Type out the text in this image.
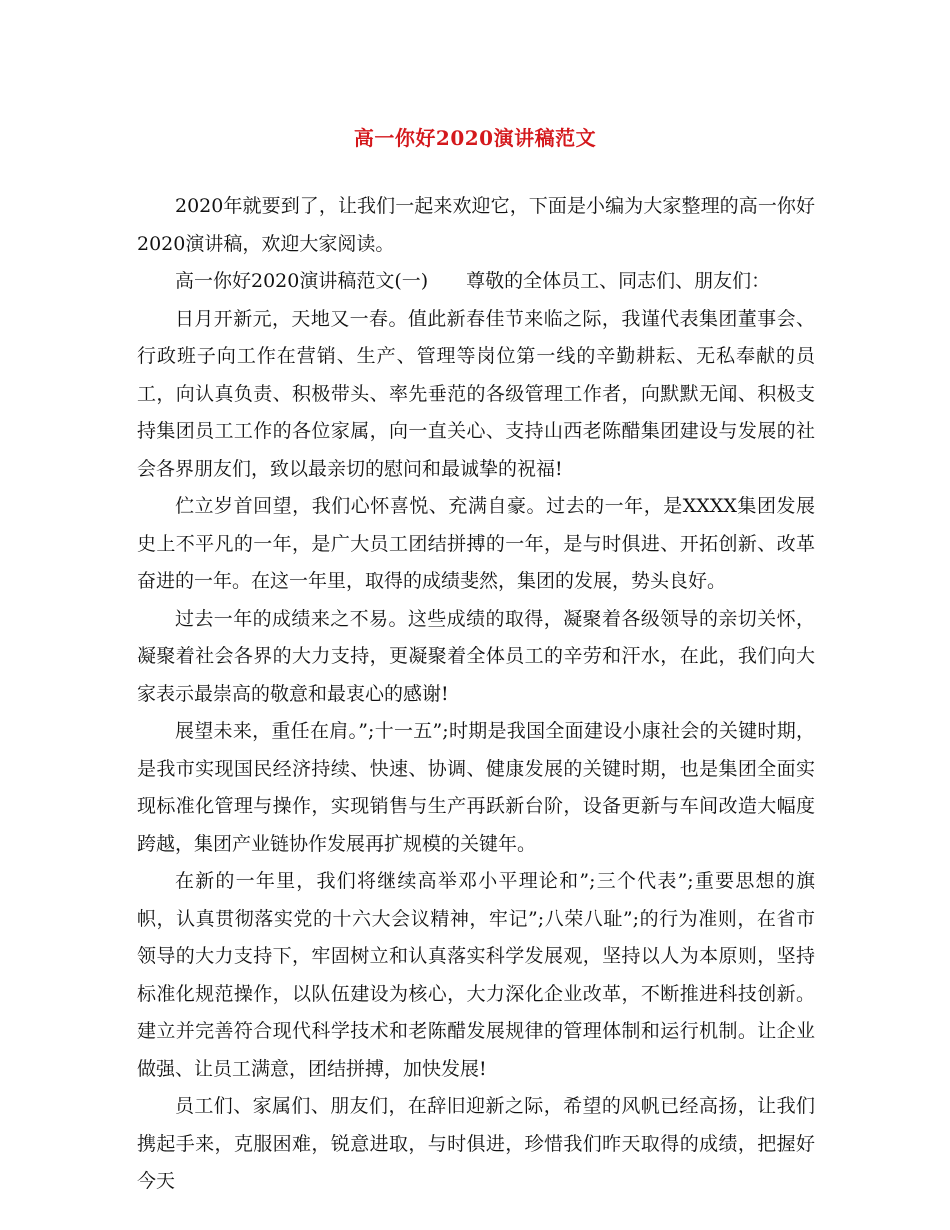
高一你好2020演讲稿范文

2020年就要到了，让我们一起来欢迎它，下面是小编为大家整理的高一你好2020演讲稿，欢迎大家阅读。

高一你好2020演讲稿范文(一)　　尊敬的全体员工、同志们、朋友们：

日月开新元，天地又一春。值此新春佳节来临之际，我谨代表集团董事会、行政班子向工作在营销、生产、管理等岗位第一线的辛勤耕耘、无私奉献的员工，向认真负责、积极带头、率先垂范的各级管理工作者，向默默无闻、积极支持集团员工工作的各位家属，向一直关心、支持山西老陈醋集团建设与发展的社会各界朋友们，致以最亲切的慰问和最诚挚的祝福!

伫立岁首回望，我们心怀喜悦、充满自豪。过去的一年，是XXXX集团发展史上不平凡的一年，是广大员工团结拼搏的一年，是与时俱进、开拓创新、改革奋进的一年。在这一年里，取得的成绩斐然，集团的发展，势头良好。

过去一年的成绩来之不易。这些成绩的取得，凝聚着各级领导的亲切关怀，凝聚着社会各界的大力支持，更凝聚着全体员工的辛劳和汗水，在此，我们向大家表示最崇高的敬意和最衷心的感谢!

展望未来，重任在肩。”;十一五”;时期是我国全面建设小康社会的关键时期，是我市实现国民经济持续、快速、协调、健康发展的关键时期，也是集团全面实现标准化管理与操作，实现销售与生产再跃新台阶，设备更新与车间改造大幅度跨越，集团产业链协作发展再扩规模的关键年。

在新的一年里，我们将继续高举邓小平理论和”;三个代表”;重要思想的旗帜，认真贯彻落实党的十六大会议精神，牢记”;八荣八耻”;的行为准则，在省市领导的大力支持下，牢固树立和认真落实科学发展观，坚持以人为本原则，坚持标准化规范操作，以队伍建设为核心，大力深化企业改革，不断推进科技创新。建立并完善符合现代科学技术和老陈醋发展规律的管理体制和运行机制。让企业做强、让员工满意，团结拼搏，加快发展!

员工们、家属们、朋友们，在辞旧迎新之际，希望的风帆已经高扬，让我们携起手来，克服困难，锐意进取，与时俱进，珍惜我们昨天取得的成绩，把握好今天
